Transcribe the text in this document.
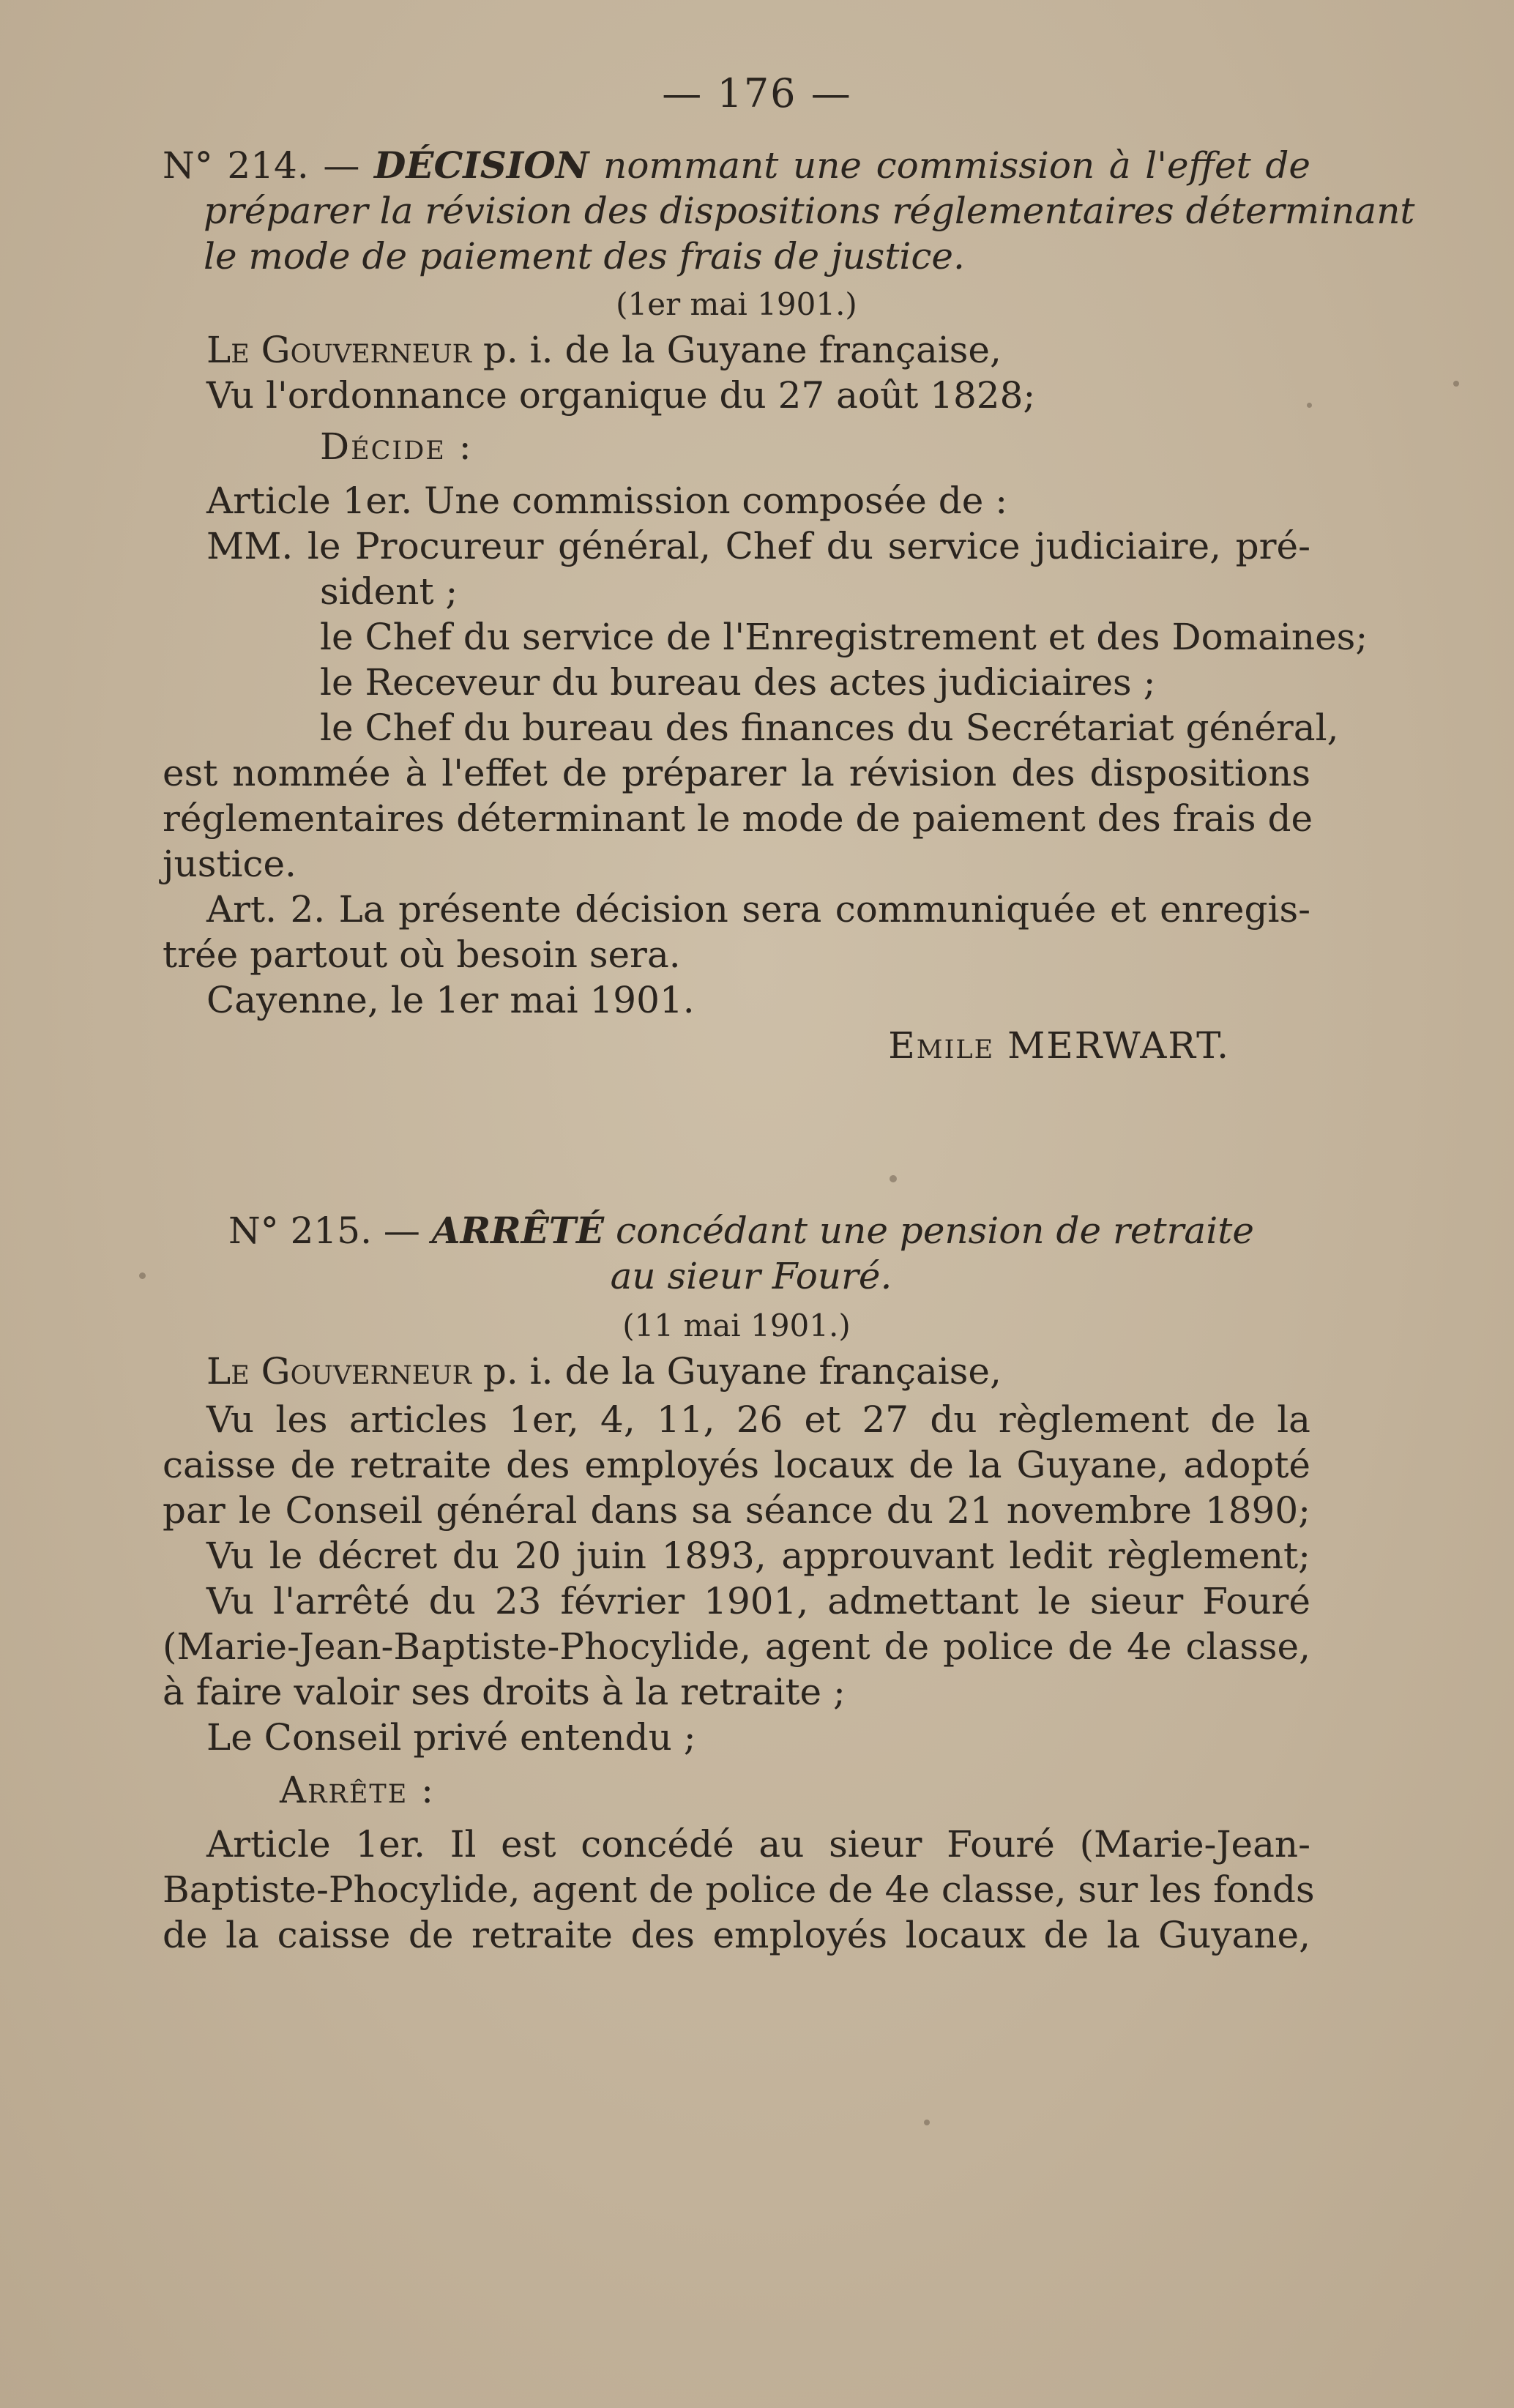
— 176 —
N° 214. — DÉCISION nommant une commission à l'effet de
préparer la révision des dispositions réglementaires déterminant
le mode de paiement des frais de justice.
(1er mai 1901.)
Le Gouverneur p. i. de la Guyane française,
Vu l'ordonnance organique du 27 août 1828;
Décide :
Article 1er. Une commission composée de :
MM. le Procureur général, Chef du service judiciaire, pré-
sident ;
le Chef du service de l'Enregistrement et des Domaines;
le Receveur du bureau des actes judiciaires ;
le Chef du bureau des finances du Secrétariat général,
est nommée à l'effet de préparer la révision des dispositions
réglementaires déterminant le mode de paiement des frais de
justice.
Art. 2. La présente décision sera communiquée et enregis-
trée partout où besoin sera.
Cayenne, le 1er mai 1901.
Emile MERWART.
N° 215. — ARRÊTÉ concédant une pension de retraite
au sieur Fouré.
(11 mai 1901.)
Le Gouverneur p. i. de la Guyane française,
Vu les articles 1er, 4, 11, 26 et 27 du règlement de la
caisse de retraite des employés locaux de la Guyane, adopté
par le Conseil général dans sa séance du 21 novembre 1890;
Vu le décret du 20 juin 1893, approuvant ledit règlement;
Vu l'arrêté du 23 février 1901, admettant le sieur Fouré
(Marie-Jean-Baptiste-Phocylide, agent de police de 4e classe,
à faire valoir ses droits à la retraite ;
Le Conseil privé entendu ;
Arrête :
Article 1er. Il est concédé au sieur Fouré (Marie-Jean-
Baptiste-Phocylide, agent de police de 4e classe, sur les fonds
de la caisse de retraite des employés locaux de la Guyane,
